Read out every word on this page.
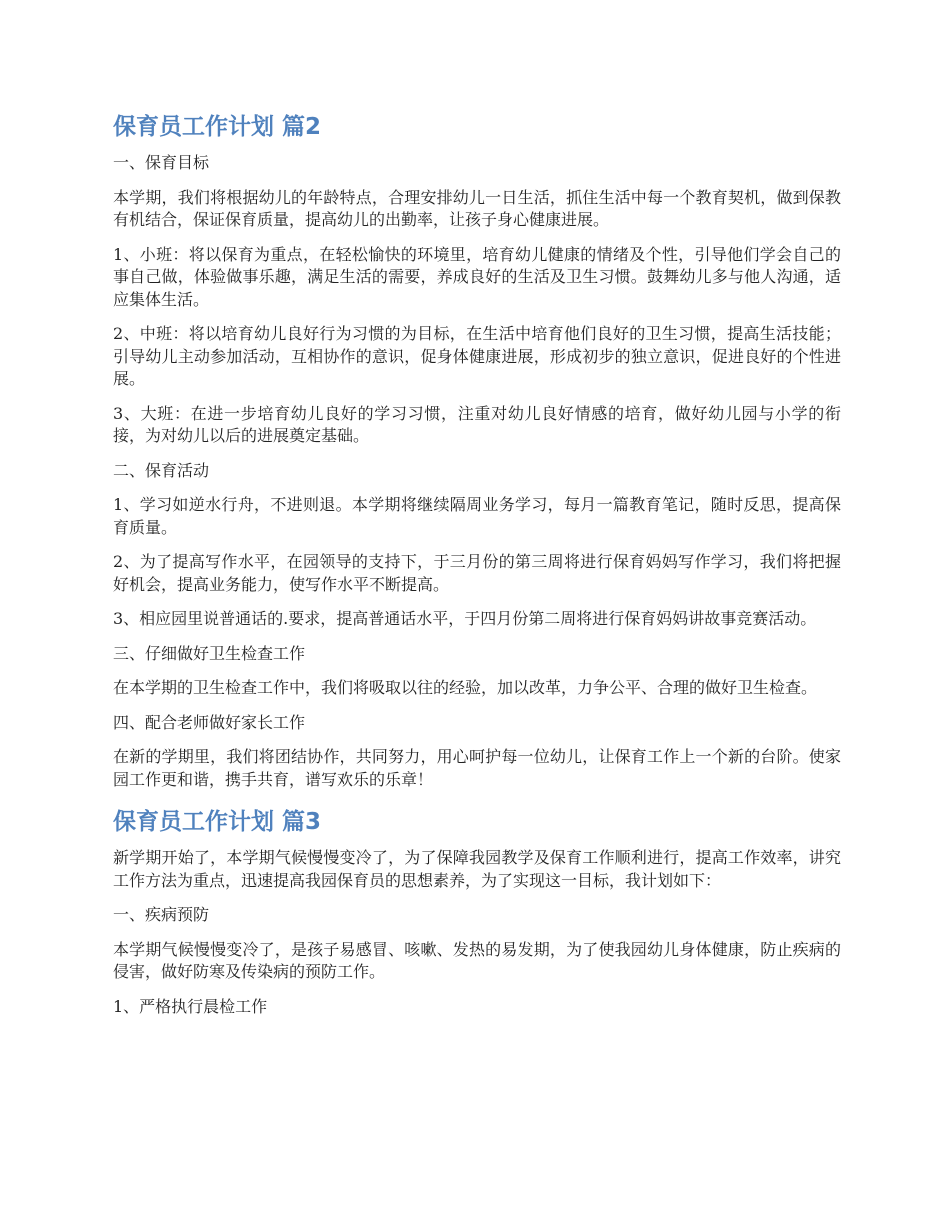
保育员工作计划 篇2

一、保育目标

本学期，我们将根据幼儿的年龄特点，合理安排幼儿一日生活，抓住生活中每一个教育契机，做到保教有机结合，保证保育质量，提高幼儿的出勤率，让孩子身心健康进展。

1、小班：将以保育为重点，在轻松愉快的环境里，培育幼儿健康的情绪及个性，引导他们学会自己的事自己做，体验做事乐趣，满足生活的需要，养成良好的生活及卫生习惯。鼓舞幼儿多与他人沟通，适应集体生活。

2、中班：将以培育幼儿良好行为习惯的为目标，在生活中培育他们良好的卫生习惯，提高生活技能；引导幼儿主动参加活动，互相协作的意识，促身体健康进展，形成初步的独立意识，促进良好的个性进展。

3、大班：在进一步培育幼儿良好的学习习惯，注重对幼儿良好情感的培育，做好幼儿园与小学的衔接，为对幼儿以后的进展奠定基础。

二、保育活动

1、学习如逆水行舟，不进则退。本学期将继续隔周业务学习，每月一篇教育笔记，随时反思，提高保育质量。

2、为了提高写作水平，在园领导的支持下，于三月份的第三周将进行保育妈妈写作学习，我们将把握好机会，提高业务能力，使写作水平不断提高。

3、相应园里说普通话的.要求，提高普通话水平，于四月份第二周将进行保育妈妈讲故事竞赛活动。

三、仔细做好卫生检查工作

在本学期的卫生检查工作中，我们将吸取以往的经验，加以改革，力争公平、合理的做好卫生检查。

四、配合老师做好家长工作

在新的学期里，我们将团结协作，共同努力，用心呵护每一位幼儿，让保育工作上一个新的台阶。使家园工作更和谐，携手共育，谱写欢乐的乐章！

保育员工作计划 篇3

新学期开始了，本学期气候慢慢变冷了，为了保障我园教学及保育工作顺利进行，提高工作效率，讲究工作方法为重点，迅速提高我园保育员的思想素养，为了实现这一目标，我计划如下：

一、疾病预防

本学期气候慢慢变冷了，是孩子易感冒、咳嗽、发热的易发期，为了使我园幼儿身体健康，防止疾病的侵害，做好防寒及传染病的预防工作。

1、严格执行晨检工作
